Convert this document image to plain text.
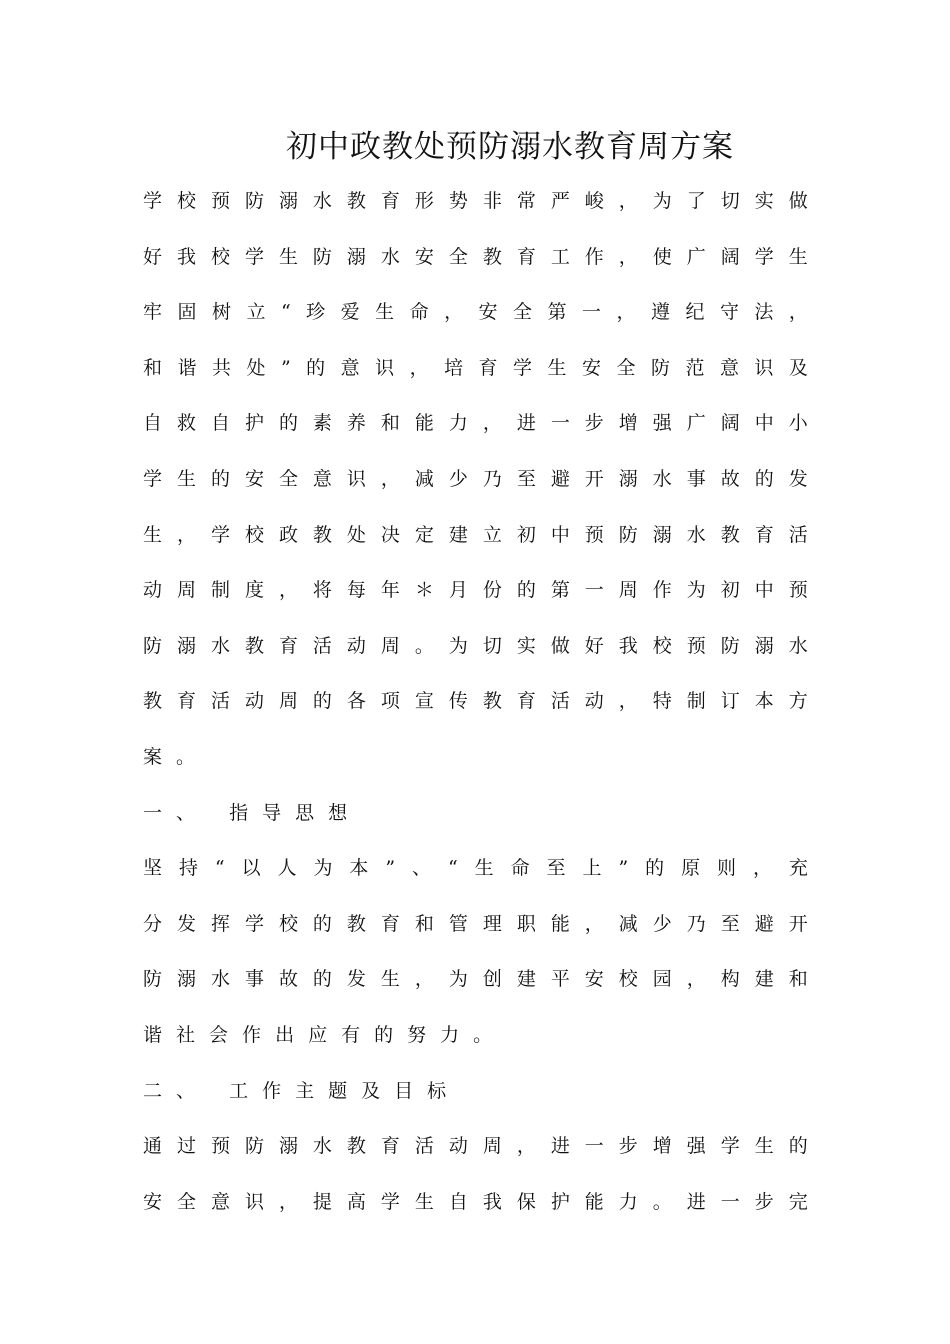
初中政教处预防溺水教育周方案
学 校 预 防 溺 水 教 育 形 势 非 常 严 峻 ， 为 了 切 实 做
好 我 校 学 生 防 溺 水 安 全 教 育 工 作 ， 使 广 阔 学 生
牢 固 树 立 “ 珍 爱 生 命 ， 安 全 第 一 ， 遵 纪 守 法 ，
和 谐 共 处 ” 的 意 识 ， 培 育 学 生 安 全 防 范 意 识 及
自 救 自 护 的 素 养 和 能 力 ， 进 一 步 增 强 广 阔 中 小
学 生 的 安 全 意 识 ， 减 少 乃 至 避 开 溺 水 事 故 的 发
生 ， 学 校 政 教 处 决 定 建 立 初 中 预 防 溺 水 教 育 活
动 周 制 度 ， 将 每 年 ＊ 月 份 的 第 一 周 作 为 初 中 预
防 溺 水 教 育 活 动 周 。 为 切 实 做 好 我 校 预 防 溺 水
教 育 活 动 周 的 各 项 宣 传 教 育 活 动 ， 特 制 订 本 方
案 。
一 、
指 导 思 想
坚 持 “ 以 人 为 本 ” 、 “ 生 命 至 上 ” 的 原 则 ， 充
分 发 挥 学 校 的 教 育 和 管 理 职 能 ， 减 少 乃 至 避 开
防 溺 水 事 故 的 发 生 ， 为 创 建 平 安 校 园 ， 构 建 和
谐 社 会 作 出 应 有 的 努 力 。
二 、
工 作 主 题 及 目 标
通 过 预 防 溺 水 教 育 活 动 周 ， 进 一 步 增 强 学 生 的
安 全 意 识 ， 提 高 学 生 自 我 保 护 能 力 。 进 一 步 完
